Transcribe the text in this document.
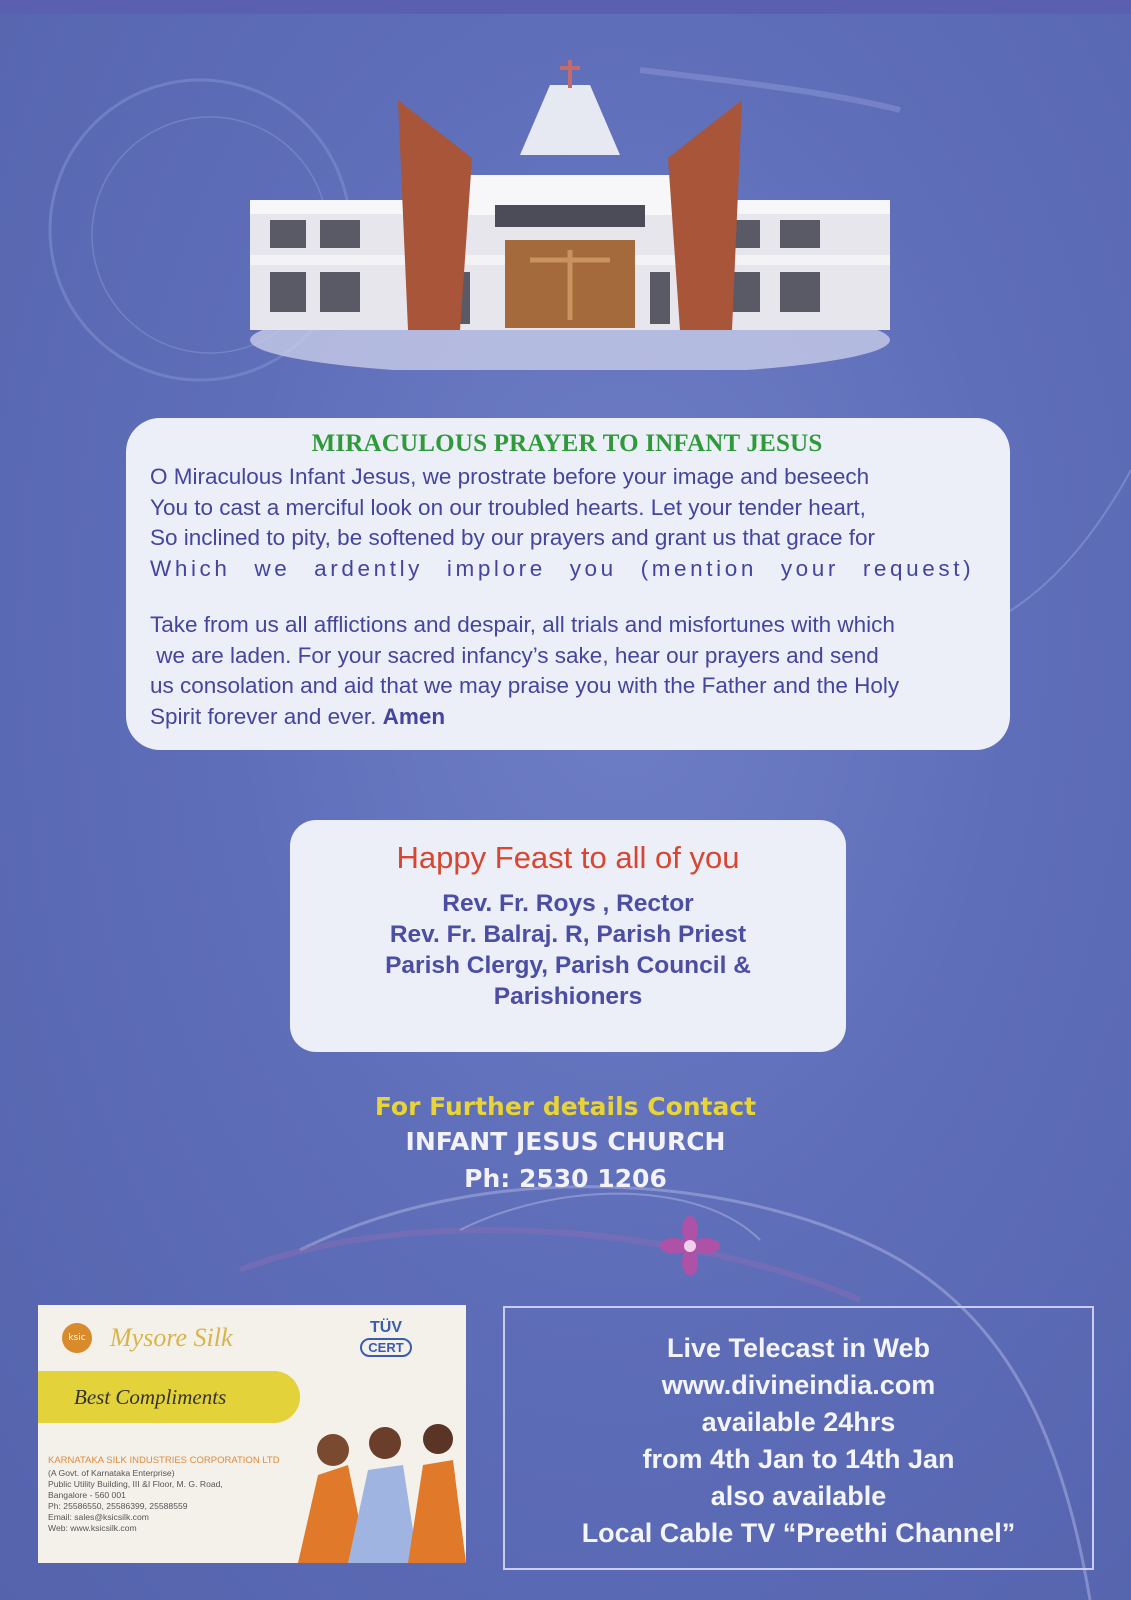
MIRACULOUS PRAYER TO INFANT JESUS

O Miraculous Infant Jesus, we prostrate before your image and beseech

You to cast a merciful look on our troubled hearts. Let your tender heart,

So inclined to pity, be softened by our prayers and grant us that grace for

Which we ardently implore you (mention your request)

Take from us all afflictions and despair, all trials and misfortunes with which

we are laden. For your sacred infancy’s sake, hear our prayers and send

us consolation and aid that we may praise you with the Father and the Holy

Spirit forever and ever. Amen

Happy Feast to all of you

Rev. Fr. Roys , Rector

Rev. Fr. Balraj. R, Parish Priest

Parish Clergy, Parish Council &

Parishioners

For Further details Contact

INFANT JESUS CHURCH

Ph: 2530 1206

ksic Mysore Silk	TÜV
CERT
Best Compliments
KARNATAKA SILK INDUSTRIES CORPORATION LTD
(A Govt. of Karnataka Enterprise)
Public Utility Building, III &I Floor, M. G. Road,
Bangalore - 560 001
Ph: 25586550, 25586399, 25588559
Email: sales@ksicsilk.com
Web: www.ksicsilk.com

Live Telecast in Web

www.divineindia.com

available 24hrs

from 4th Jan to 14th Jan

also available

Local Cable TV “Preethi Channel”
